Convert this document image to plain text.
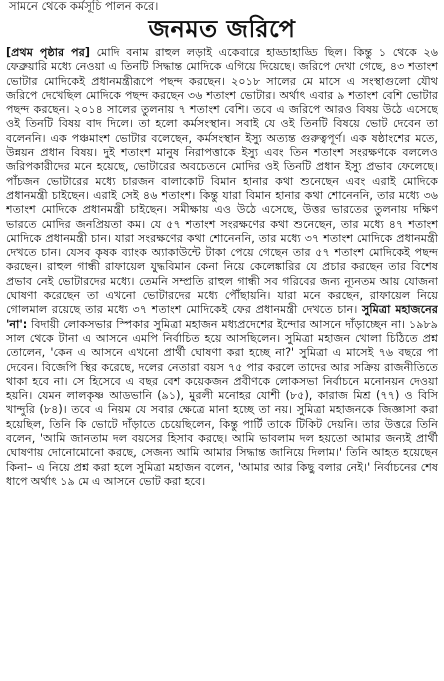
সামনে থেকে কর্মসূচি পালন করে।
জনমত জরিপে
[প্রথম পৃষ্ঠার পর] মোদি বনাম রাহুল লড়াই একেবারে হাড্ডাহাড্ডি ছিল। কিন্তু ১ থেকে ২৬ ফেব্রুয়ারি মধ্যে নেওয়া এ তিনটি সিদ্ধান্ত মোদিকে এগিয়ে দিয়েছে। জরিপে দেখা গেছে, ৪৩ শতাংশ ভোটার মোদিকেই প্রধানমন্ত্রীরূপে পছন্দ করছেন। ২০১৮ সালের মে মাসে এ সংস্থাগুলো যৌথ জরিপে দেখেছিল মোদিকে পছন্দ করছেন ৩৬ শতাংশ ভোটার। অর্থাৎ এবার ৯ শতাংশ বেশি ভোটার পছন্দ করছেন। ২০১৪ সালের তুলনায় ৭ শতাংশ বেশি। তবে এ জরিপে আরও বিষয় উঠে এসেছে ওই তিনটি বিষয় বাদ দিলে। তা হলো কর্মসংস্থান। সবাই যে ওই তিনটি বিষয়ে ভোট দেবেন তা বলেননি। এক পঞ্চমাংশ ভোটার বলেছেন, কর্মসংস্থান ইস্যু অত্যন্ত গুরুত্বপূর্ণ। এক ষষ্ঠাংশের মতে, উন্নয়ন প্রধান বিষয়। দুই শতাংশ মানুষ নিরাপত্তাকে ইস্যু এবং তিন শতাংশ সংরক্ষণকে বললেও জরিপকারীদের মনে হয়েছে, ভোটারের অবচেতনে মোদির ওই তিনটি প্রধান ইস্যু প্রভাব ফেলেছে। পাঁচজন ভোটারের মধ্যে চারজন বালাকোট বিমান হানার কথা শুনেছেন এবং এরাই মোদিকে প্রধানমন্ত্রী চাইছেন। এরাই সেই ৪৬ শতাংশ। কিন্তু যারা বিমান হানার কথা শোনেননি, তার মধ্যে ৩৬ শতাংশ মোদিকে প্রধানমন্ত্রী চাইছেন। সমীক্ষায় এও উঠে এসেছে, উত্তর ভারতের তুলনায় দক্ষিণ ভারতে মোদির জনপ্রিয়তা কম। যে ৫৭ শতাংশ সংরক্ষণের কথা শুনেছেন, তার মধ্যে ৪৭ শতাংশ মোদিকে প্রধানমন্ত্রী চান। যারা সংরক্ষণের কথা শোনেননি, তার মধ্যে ৩৭ শতাংশ মোদিকে প্রধানমন্ত্রী দেখতে চান। যেসব কৃষক ব্যাংক অ্যাকাউন্টে টাকা পেয়ে গেছেন তার ৫৭ শতাংশ মোদিকেই পছন্দ করছেন। রাহুল গান্ধী রাফায়েল যুদ্ধবিমান কেনা নিয়ে কেলেঙ্কারির যে প্রচার করছেন তার বিশেষ প্রভাব নেই ভোটারদের মধ্যে। তেমনি সম্প্রতি রাহুল গান্ধী সব গরিবের জন্য ন্যূনতম আয় যোজনা ঘোষণা করেছেন তা এখনো ভোটারদের মধ্যে পৌঁছায়নি। যারা মনে করছেন, রাফায়েল নিয়ে গোলমাল রয়েছে তার মধ্যে ৩৭ শতাংশ মোদিকেই ফের প্রধানমন্ত্রী দেখতে চান। সুমিত্রা মহাজনের 'না': বিদায়ী লোকসভার স্পিকার সুমিত্রা মহাজন মধ্যপ্রদেশের ইন্দোর আসনে দাঁড়াচ্ছেন না। ১৯৮৯ সাল থেকে টানা এ আসনে এমপি নির্বাচিত হয়ে আসছিলেন। সুমিত্রা মহাজন খোলা চিঠিতে প্রশ্ন তোলেন, 'কেন এ আসনে এখনো প্রার্থী ঘোষণা করা হচ্ছে না?' সুমিত্রা এ মাসেই ৭৬ বছরে পা দেবেন। বিজেপি স্থির করেছে, দলের নেতারা বয়স ৭৫ পার করলে তাদের আর সক্রিয় রাজনীতিতে থাকা হবে না। সে হিসেবে এ বছর বেশ কয়েকজন প্রবীণকে লোকসভা নির্বাচনে মনোনয়ন দেওয়া হয়নি। যেমন লালকৃষ্ণ আডভানি (৯১), মুরলী মনোহর যোশী (৮৫), কারাজ মিশ্র (৭৭) ও বিসি খান্দুরি (৮৪)। তবে এ নিয়ম যে সবার ক্ষেত্রে মানা হচ্ছে তা নয়। সুমিত্রা মহাজনকে জিজ্ঞাসা করা হয়েছিল, তিনি কি ভোটে দাঁড়াতে চেয়েছিলেন, কিন্তু পার্টি তাকে টিকিট দেয়নি। তার উত্তরে তিনি বলেন, 'আমি জানতাম দল বয়সের হিসাব করছে। আমি ভাবলাম দল হয়তো আমার জন্যই প্রার্থী ঘোষণায় দোনোমোনো করছে, সেজন্য আমি আমার সিদ্ধান্ত জানিয়ে দিলাম।' তিনি আহত হয়েছেন কিনা– এ নিয়ে প্রশ্ন করা হলে সুমিত্রা মহাজন বলেন, 'আমার আর কিছু বলার নেই।' নির্বাচনের শেষ ধাপে অর্থাৎ ১৯ মে এ আসনে ভোট করা হবে।
